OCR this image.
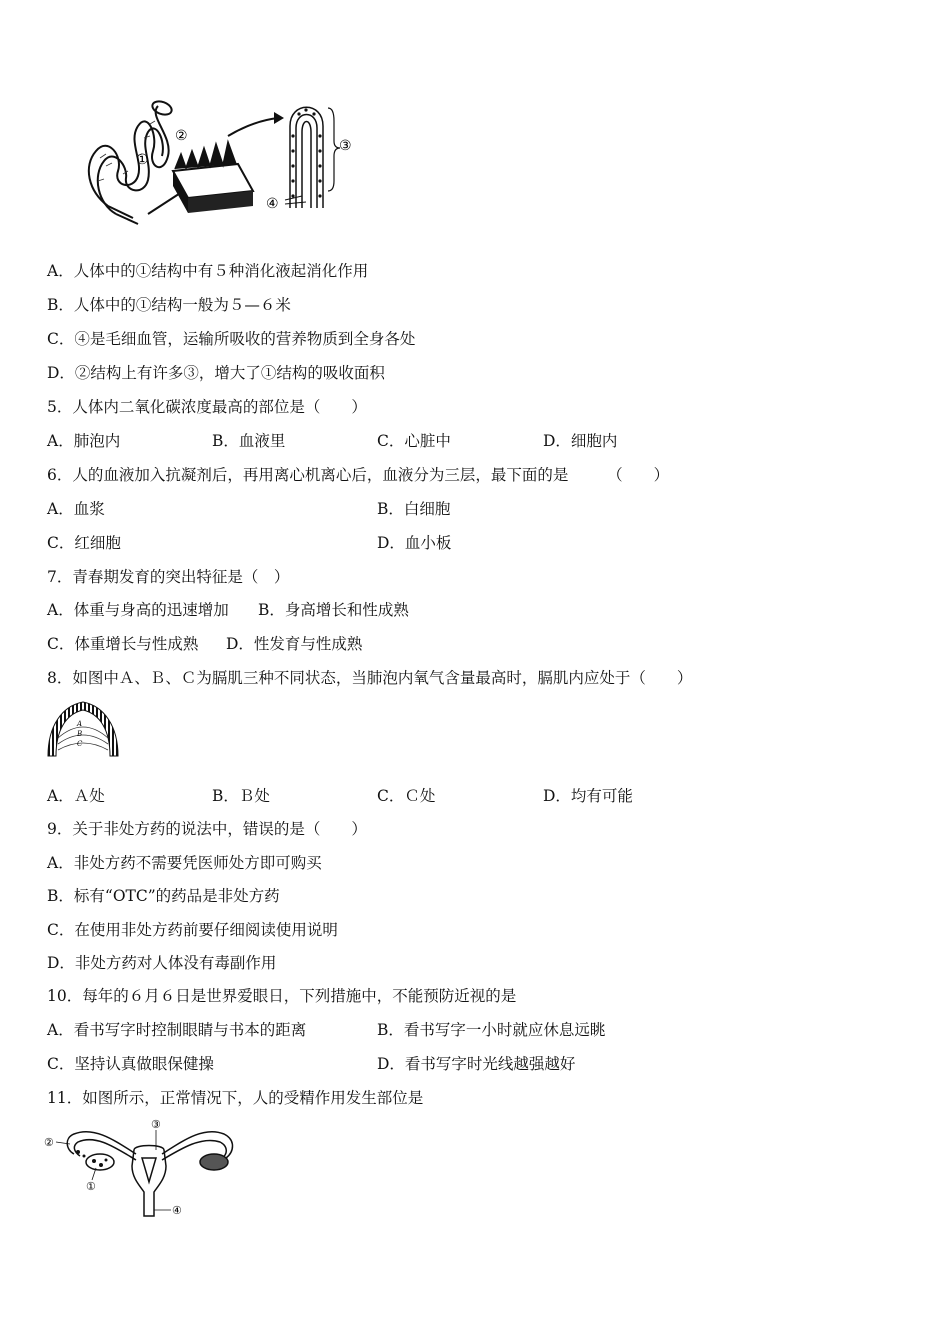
①
②
③
④
A．人体中的①结构中有５种消化液起消化作用
B．人体中的①结构一般为５—６米
C．④是毛细血管，运输所吸收的营养物质到全身各处
D．②结构上有许多③，增大了①结构的吸收面积
5．人体内二氧化碳浓度最高的部位是（　　）
A．肺泡内	B．血液里	C．心脏中	D．细胞内
6．人的血液加入抗凝剂后，再用离心机离心后，血液分为三层，最下面的是　　　（　　）
A．血浆	B．白细胞
C．红细胞	D．血小板
7．青春期发育的突出特征是（　）
A．体重与身高的迅速增加 B．身高增长和性成熟
C．体重增长与性成熟 D．性发育与性成熟
8．如图中Ａ、Ｂ、Ｃ为膈肌三种不同状态，当肺泡内氧气含量最高时，膈肌内应处于（　　）
A
B
C
A．Ａ处	B．Ｂ处	C．Ｃ处	D．均有可能
9．关于非处方药的说法中，错误的是（　　）
A．非处方药不需要凭医师处方即可购买
B．标有“OTC”的药品是非处方药
C．在使用非处方药前要仔细阅读使用说明
D．非处方药对人体没有毒副作用
10．每年的６月６日是世界爱眼日，下列措施中，不能预防近视的是
A．看书写字时控制眼睛与书本的距离	B．看书写字一小时就应休息远眺
C．坚持认真做眼保健操	D．看书写字时光线越强越好
11．如图所示，正常情况下，人的受精作用发生部位是
②
③
①
④
